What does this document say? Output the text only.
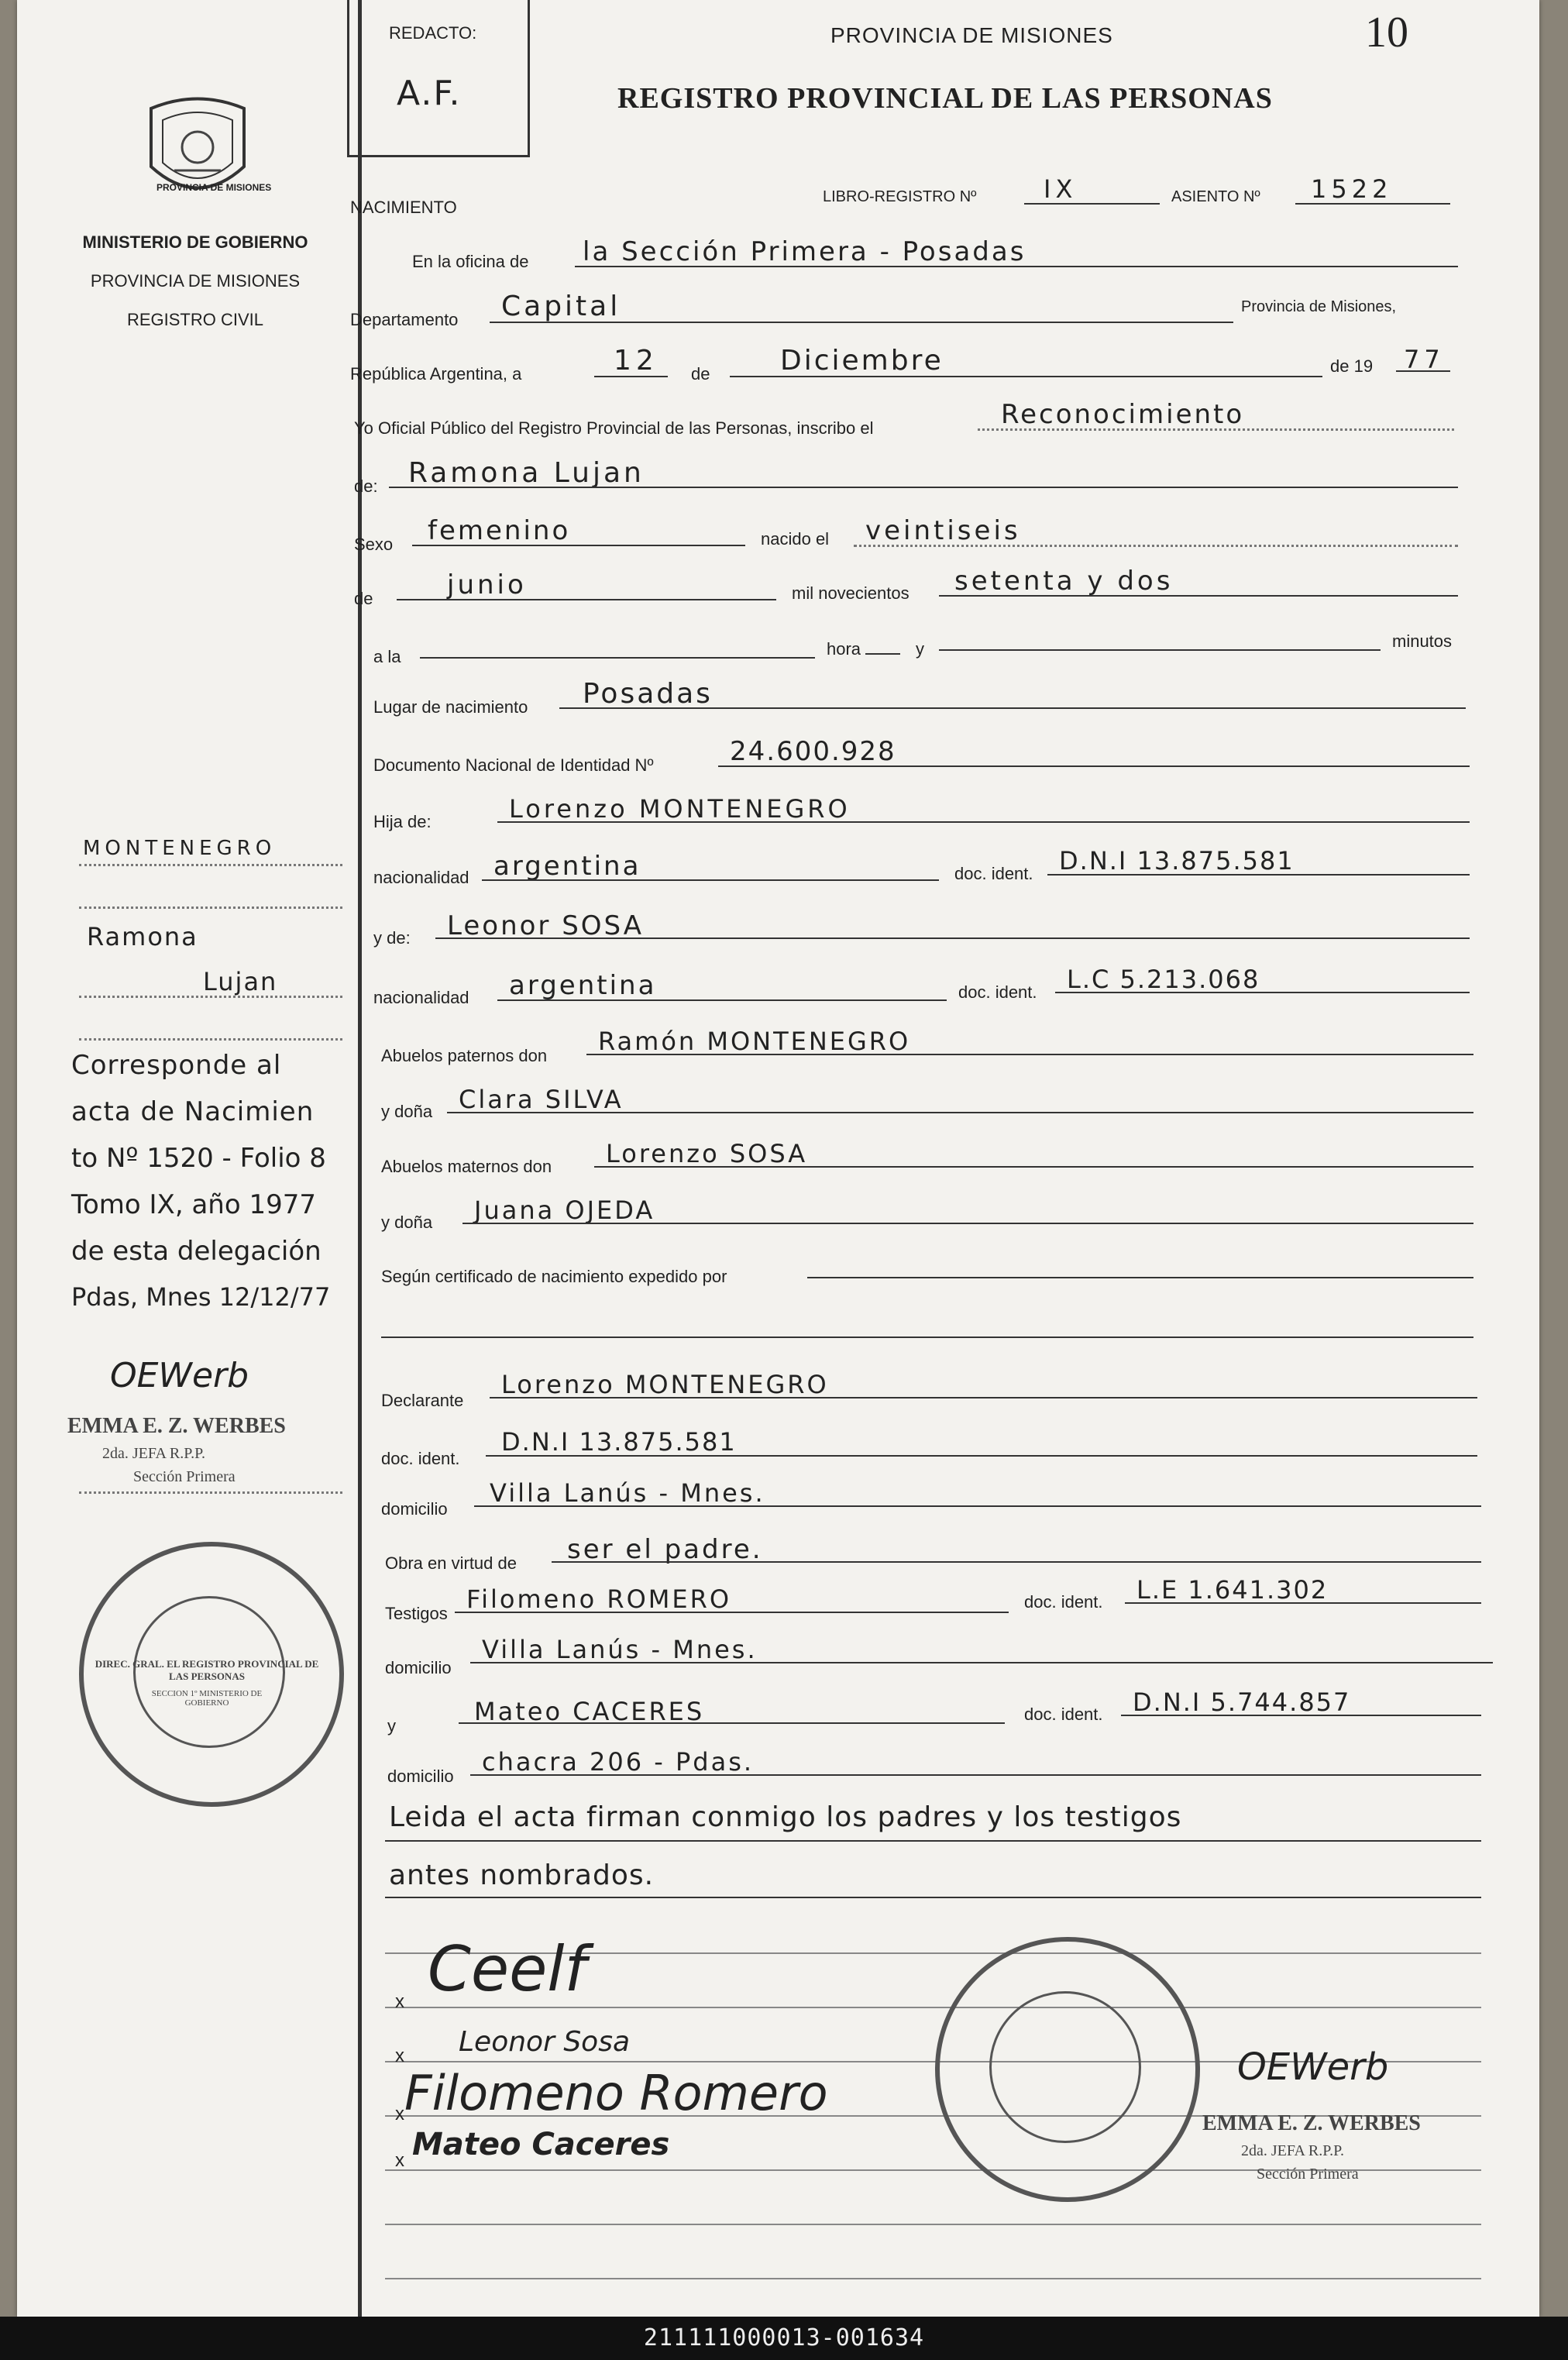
PROVINCIA DE MISIONES
MINISTERIO DE GOBIERNO
PROVINCIA DE MISIONES
REGISTRO CIVIL
MONTENEGRO
Ramona
Lujan
Corresponde al
acta de Nacimien
to Nº 1520 - Folio 8
Tomo IX, año 1977
de esta delegación
Pdas, Mnes 12/12/77
OEWerb
EMMA E. Z. WERBES
2da. JEFA R.P.P.
Sección Primera
DIREC. GRAL. EL REGISTRO PROVINCIAL DE LAS PERSONAS
SECCION 1º MINISTERIO DE GOBIERNO
REDACTO:
A.F.
PROVINCIA DE MISIONES	10
REGISTRO PROVINCIAL DE LAS PERSONAS
NACIMIENTO
LIBRO-REGISTRO Nº	IX	ASIENTO Nº 1522
En la oficina de la Sección Primera - Posadas
Departamento Capital	Provincia de Misiones,
República Argentina, a	12 de	Diciembre	de 19 77
Yo Oficial Público del Registro Provincial de las Personas, inscribo el	Reconocimiento
de: Ramona Lujan
Sexo femenino	nacido el veintiseis
de	junio	mil novecientos setenta y dos
a la	hora	y	minutos
Lugar de nacimiento Posadas
Documento Nacional de Identidad Nº	24.600.928
Hija de:	Lorenzo MONTENEGRO
nacionalidad argentina	doc. ident. D.N.I 13.875.581
y de: Leonor SOSA
nacionalidad argentina	doc. ident. L.C 5.213.068
Abuelos paternos don Ramón MONTENEGRO
y doña Clara SILVA
Abuelos maternos don Lorenzo SOSA
y doña Juana OJEDA
Según certificado de nacimiento expedido por
Declarante
Lorenzo MONTENEGRO
doc. ident.
D.N.I 13.875.581
domicilio
Villa Lanús - Mnes.
Obra en virtud de ser el padre.
Testigos Filomeno ROMERO	doc. ident. L.E 1.641.302
domicilio
Villa Lanús - Mnes.
y	Mateo CACERES	doc. ident. D.N.I 5.744.857
domicilio chacra 206 - Pdas.
Leida el acta firman conmigo los padres y los testigos
antes nombrados.
x Ceelf
x Leonor Sosa
x Filomeno Romero
x Mateo Caceres
OEWerb
EMMA E. Z. WERBES
2da. JEFA R.P.P.
Sección Primera
211111000013-001634
